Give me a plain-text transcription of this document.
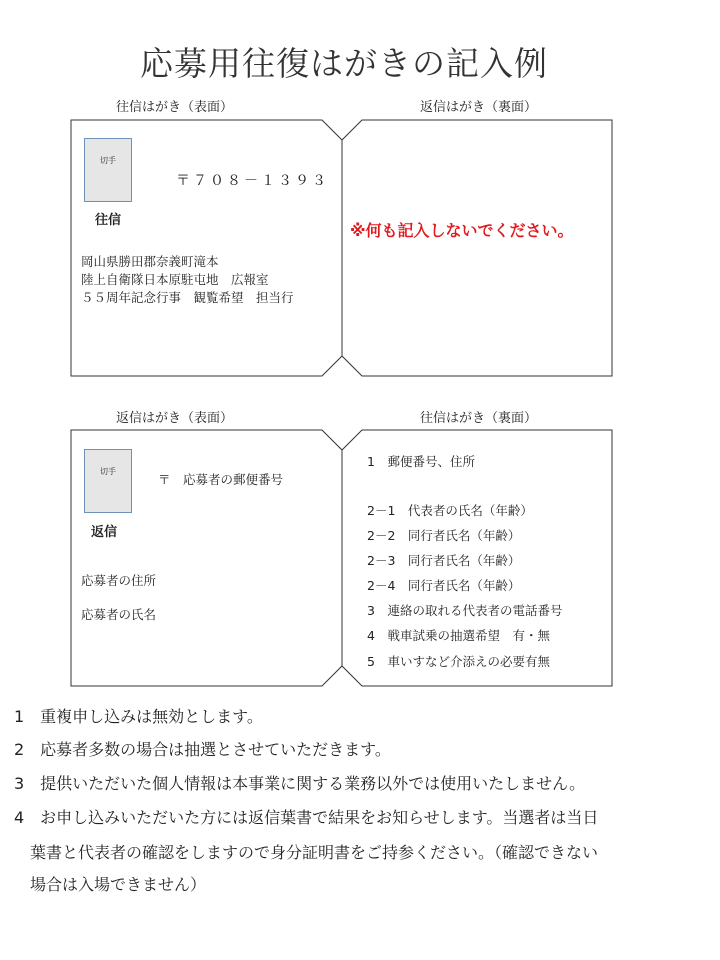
応募用往復はがきの記入例
往信はがき（表面）	返信はがき（裏面）
切手
〒７０８－１３９３
往信
岡山県勝田郡奈義町滝本
陸上自衛隊日本原駐屯地　広報室
５５周年記念行事　観覧希望　担当行
※何も記入しないでください。
返信はがき（表面）	往信はがき（裏面）
切手
〒　応募者の郵便番号
返信
応募者の住所
応募者の氏名
1　郵便番号、住所
2－1　代表者の氏名（年齢）
2－2　同行者氏名（年齢）
2－3　同行者氏名（年齢）
2－4　同行者氏名（年齢）
3　連絡の取れる代表者の電話番号
4　戦車試乗の抽選希望　有・無
5　車いすなど介添えの必要有無
1　重複申し込みは無効とします。
2　応募者多数の場合は抽選とさせていただきます。
3　提供いただいた個人情報は本事業に関する業務以外では使用いたしません。
4　お申し込みいただいた方には返信葉書で結果をお知らせします。当選者は当日
葉書と代表者の確認をしますので身分証明書をご持参ください。（確認できない
場合は入場できません）
